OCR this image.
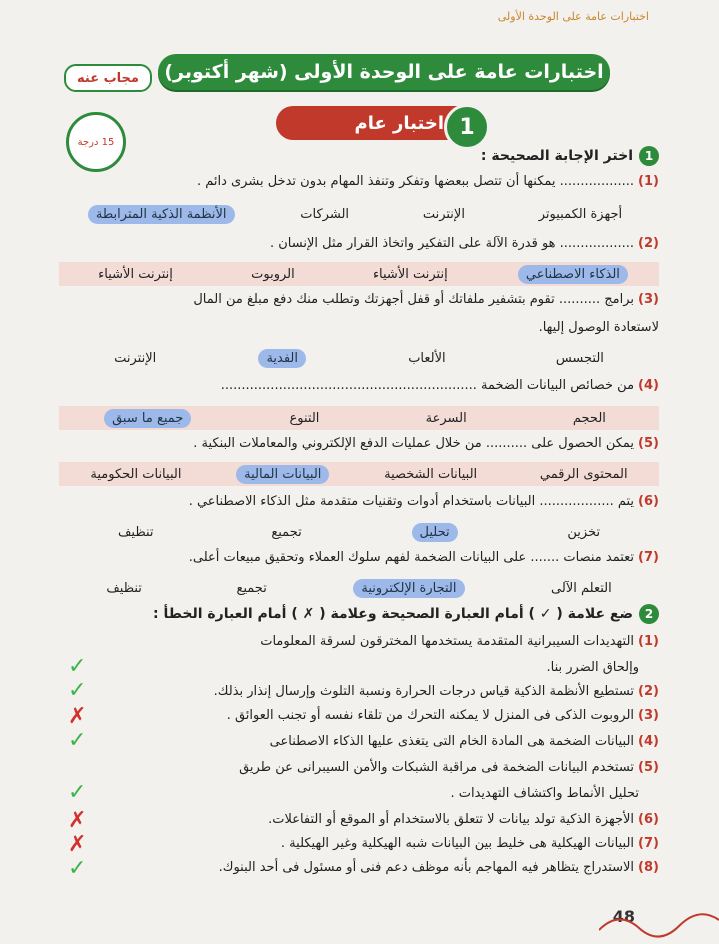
اختبارات عامة على الوحدة الأولى
اختبارات عامة على الوحدة الأولى (شهر أكتوبر)
مجاب عنه
15 درجة
اختبار عام 1
1
اختر الإجابة الصحيحة :
(1).................. يمكنها أن تتصل ببعضها وتفكر وتنفذ المهام بدون تدخل بشرى دائم .
أجهزة الكمبيوتر
الإنترنت
الشركات
الأنظمة الذكية المترابطة
(2).................. هو قدرة الآلة على التفكير واتخاذ القرار مثل الإنسان .
الذكاء الاصطناعي
إنترنت الأشياء
الروبوت
إنترنت الأشياء
(3)برامج .......... تقوم بتشفير ملفاتك أو قفل أجهزتك وتطلب منك دفع مبلغ من المال
لاستعادة الوصول إليها.
التجسس
الألعاب
الفدية
الإنترنت
(4)من خصائص البيانات الضخمة ..............................................................
الحجم
السرعة
التنوع
جميع ما سبق
(5)يمكن الحصول على .......... من خلال عمليات الدفع الإلكتروني والمعاملات البنكية .
المحتوى الرقمي
البيانات الشخصية
البيانات المالية
البيانات الحكومية
(6)يتم .................. البيانات باستخدام أدوات وتقنيات متقدمة مثل الذكاء الاصطناعي .
تخزين
تحليل
تجميع
تنظيف
(7)تعتمد منصات ....... على البيانات الضخمة لفهم سلوك العملاء وتحقيق مبيعات أعلى.
التعلم الآلى
التجارة الإلكترونية
تجميع
تنظيف
2
ضع علامة ( ✓ ) أمام العبارة الصحيحة وعلامة ( ✗ ) أمام العبارة الخطأ :
(1)التهديدات السيبرانية المتقدمة يستخدمها المخترقون لسرقة المعلومات
وإلحاق الضرر بنا.
✓
(2)تستطيع الأنظمة الذكية قياس درجات الحرارة ونسبة التلوث وإرسال إنذار بذلك.
✓
(3)الروبوت الذكى فى المنزل لا يمكنه التحرك من تلقاء نفسه أو تجنب العوائق .
✗
(4)البيانات الضخمة هى المادة الخام التى يتغذى عليها الذكاء الاصطناعى
✓
(5)تستخدم البيانات الضخمة فى مراقبة الشبكات والأمن السيبرانى عن طريق
تحليل الأنماط واكتشاف التهديدات .
✓
(6)الأجهزة الذكية تولد بيانات لا تتعلق بالاستخدام أو الموقع أو التفاعلات.
✗
(7)البيانات الهيكلية هى خليط بين البيانات شبه الهيكلية وغير الهيكلية .
✗
(8)الاستدراج يتظاهر فيه المهاجم بأنه موظف دعم فنى أو مسئول فى أحد البنوك.
✓
48
